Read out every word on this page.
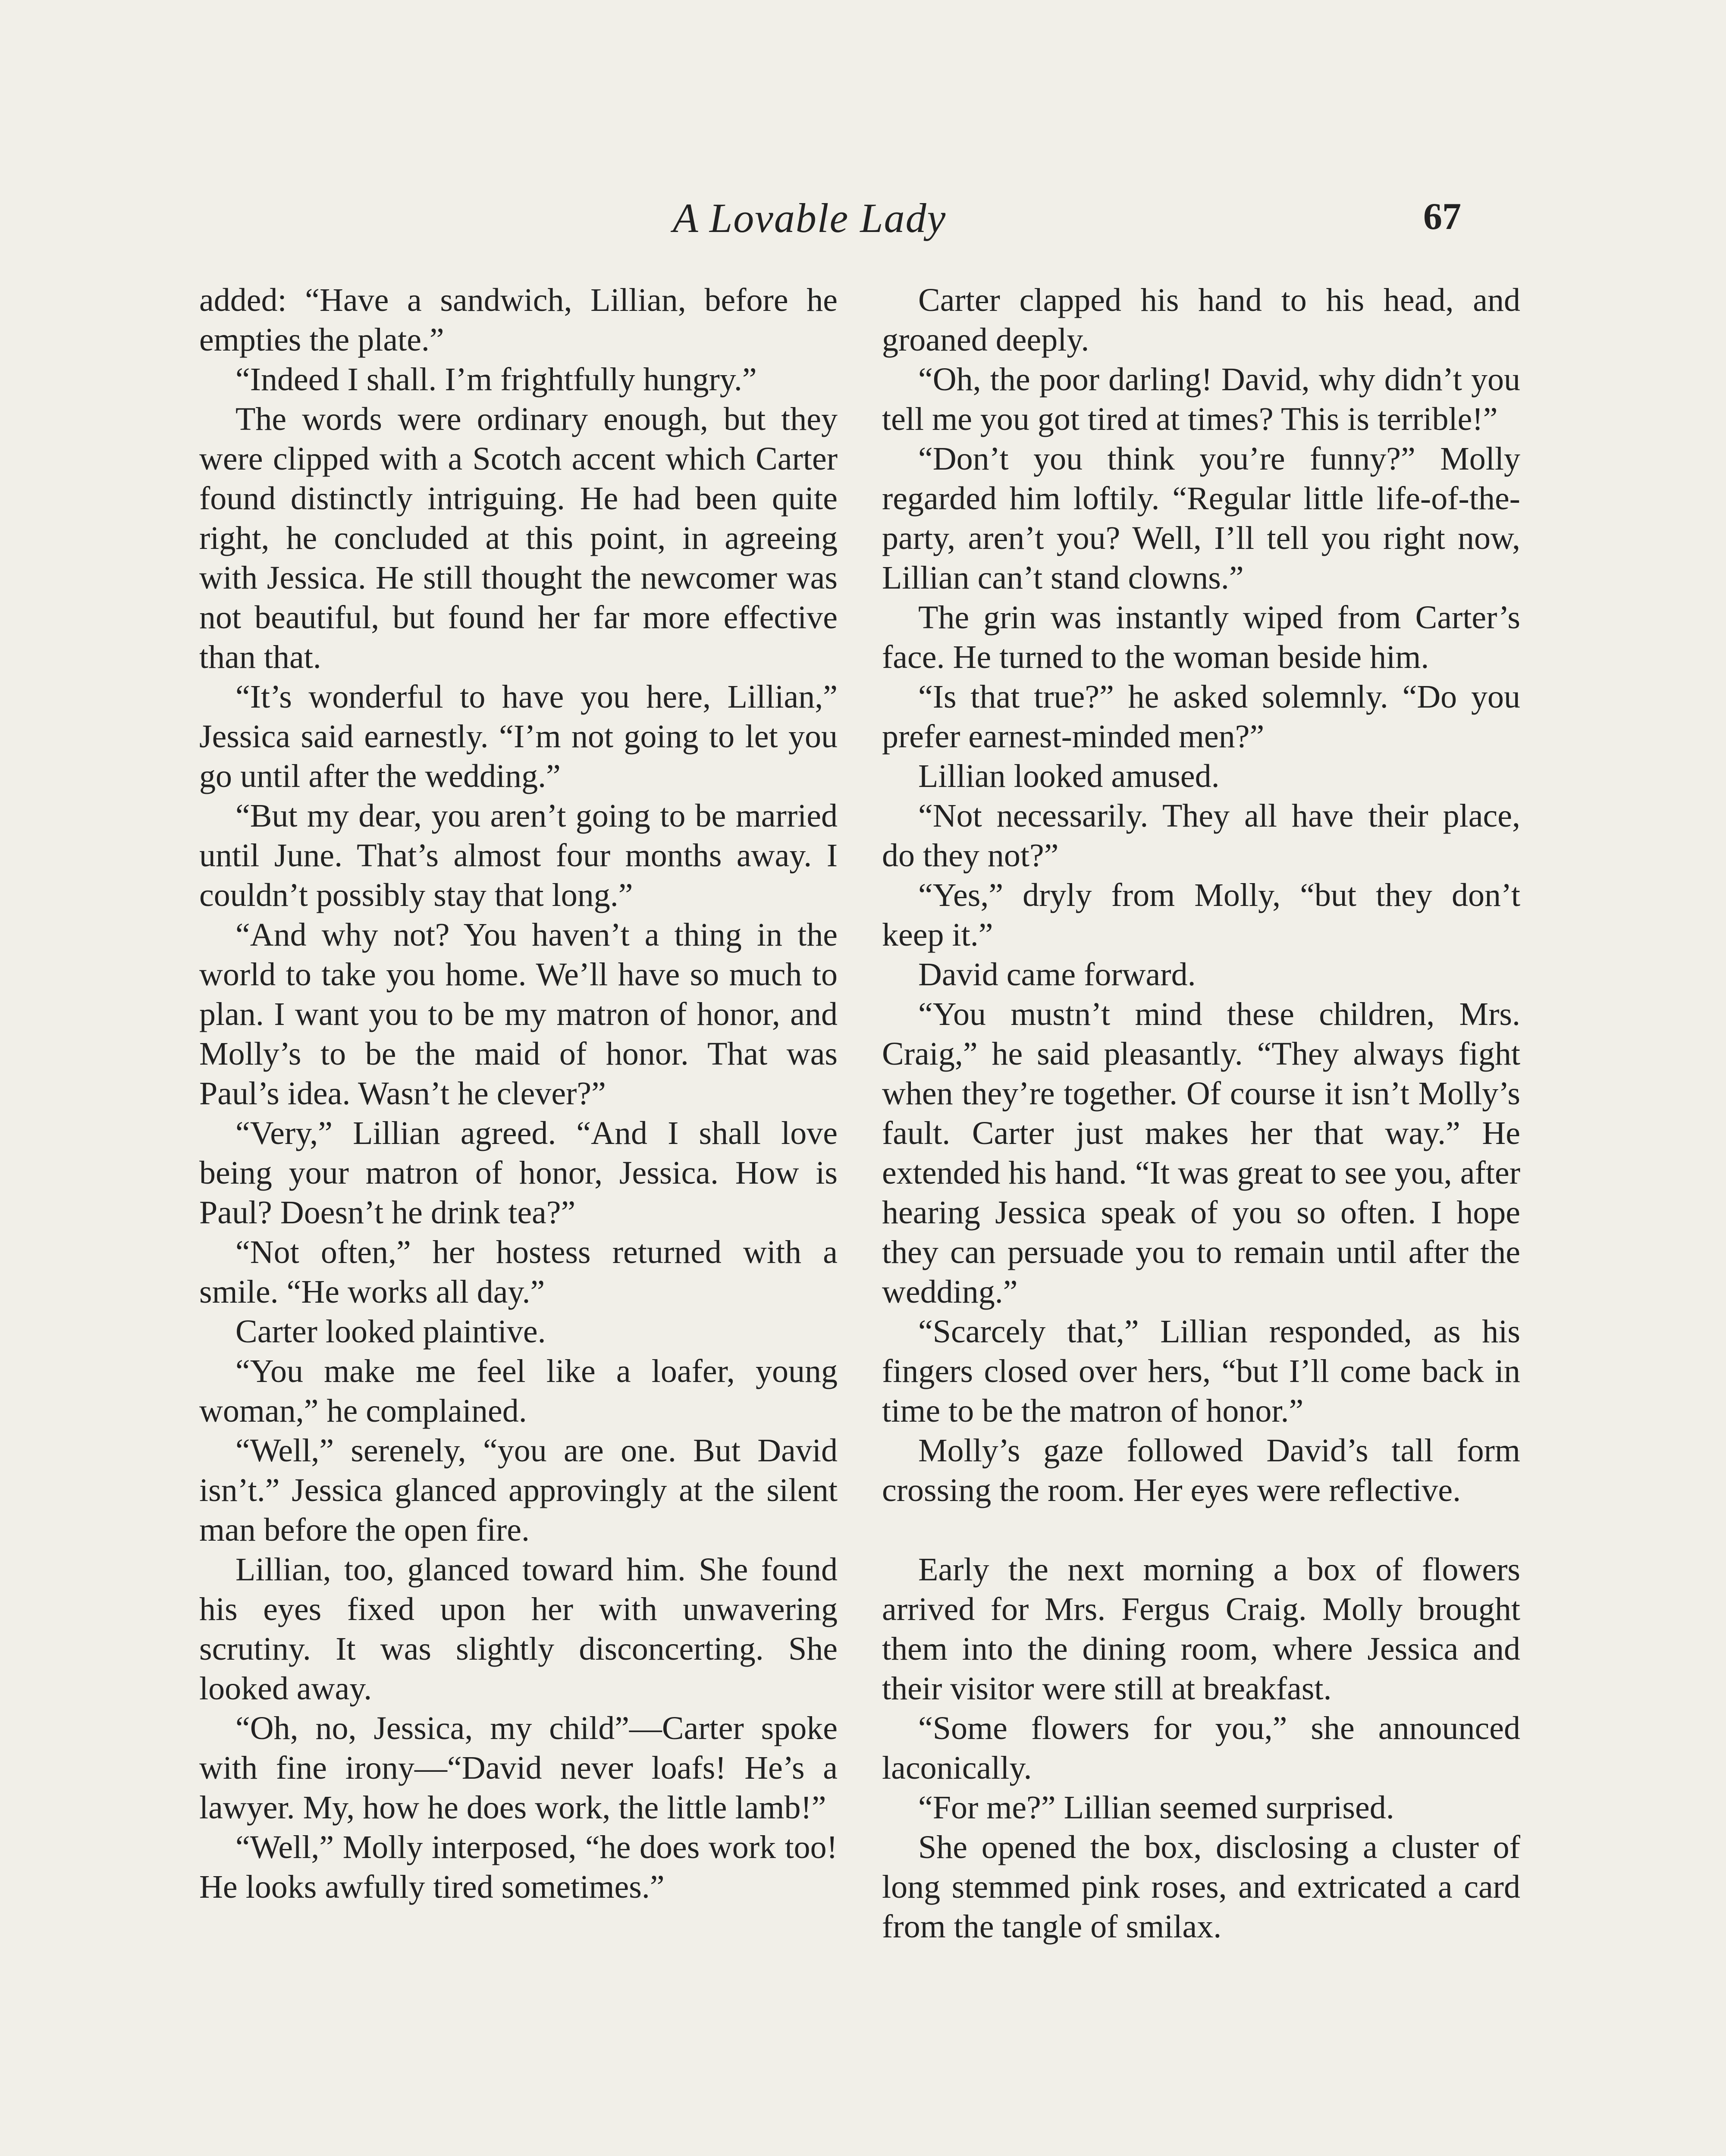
A Lovable Lady	67

added: “Have a sandwich, Lillian, before he empties the plate.”

“Indeed I shall. I’m frightfully hungry.”

The words were ordinary enough, but they were clipped with a Scotch accent which Carter found distinctly intriguing. He had been quite right, he concluded at this point, in agreeing with Jessica. He still thought the newcomer was not beautiful, but found her far more effective than that.

“It’s wonderful to have you here, Lillian,” Jessica said earnestly. “I’m not going to let you go until after the wedding.”

“But my dear, you aren’t going to be married until June. That’s almost four months away. I couldn’t possibly stay that long.”

“And why not? You haven’t a thing in the world to take you home. We’ll have so much to plan. I want you to be my matron of honor, and Molly’s to be the maid of honor. That was Paul’s idea. Wasn’t he clever?”

“Very,” Lillian agreed. “And I shall love being your matron of honor, Jessica. How is Paul? Doesn’t he drink tea?”

“Not often,” her hostess returned with a smile. “He works all day.”

Carter looked plaintive.

“You make me feel like a loafer, young woman,” he complained.

“Well,” serenely, “you are one. But David isn’t.” Jessica glanced approvingly at the silent man before the open fire.

Lillian, too, glanced toward him. She found his eyes fixed upon her with unwavering scrutiny. It was slightly disconcerting. She looked away.

“Oh, no, Jessica, my child”—Carter spoke with fine irony—“David never loafs! He’s a lawyer. My, how he does work, the little lamb!”

“Well,” Molly interposed, “he does work too! He looks awfully tired sometimes.”

Carter clapped his hand to his head, and groaned deeply.

“Oh, the poor darling! David, why didn’t you tell me you got tired at times? This is terrible!”

“Don’t you think you’re funny?” Molly regarded him loftily. “Regular little life-of-the-party, aren’t you? Well, I’ll tell you right now, Lillian can’t stand clowns.”

The grin was instantly wiped from Carter’s face. He turned to the woman beside him.

“Is that true?” he asked solemnly. “Do you prefer earnest-minded men?”

Lillian looked amused.

“Not necessarily. They all have their place, do they not?”

“Yes,” dryly from Molly, “but they don’t keep it.”

David came forward.

“You mustn’t mind these children, Mrs. Craig,” he said pleasantly. “They always fight when they’re together. Of course it isn’t Molly’s fault. Carter just makes her that way.” He extended his hand. “It was great to see you, after hearing Jessica speak of you so often. I hope they can persuade you to remain until after the wedding.”

“Scarcely that,” Lillian responded, as his fingers closed over hers, “but I’ll come back in time to be the matron of honor.”

Molly’s gaze followed David’s tall form crossing the room. Her eyes were reflective.

Early the next morning a box of flowers arrived for Mrs. Fergus Craig. Molly brought them into the dining room, where Jessica and their visitor were still at breakfast.

“Some flowers for you,” she announced laconically.

“For me?” Lillian seemed surprised.

She opened the box, disclosing a cluster of long stemmed pink roses, and extricated a card from the tangle of smilax.
